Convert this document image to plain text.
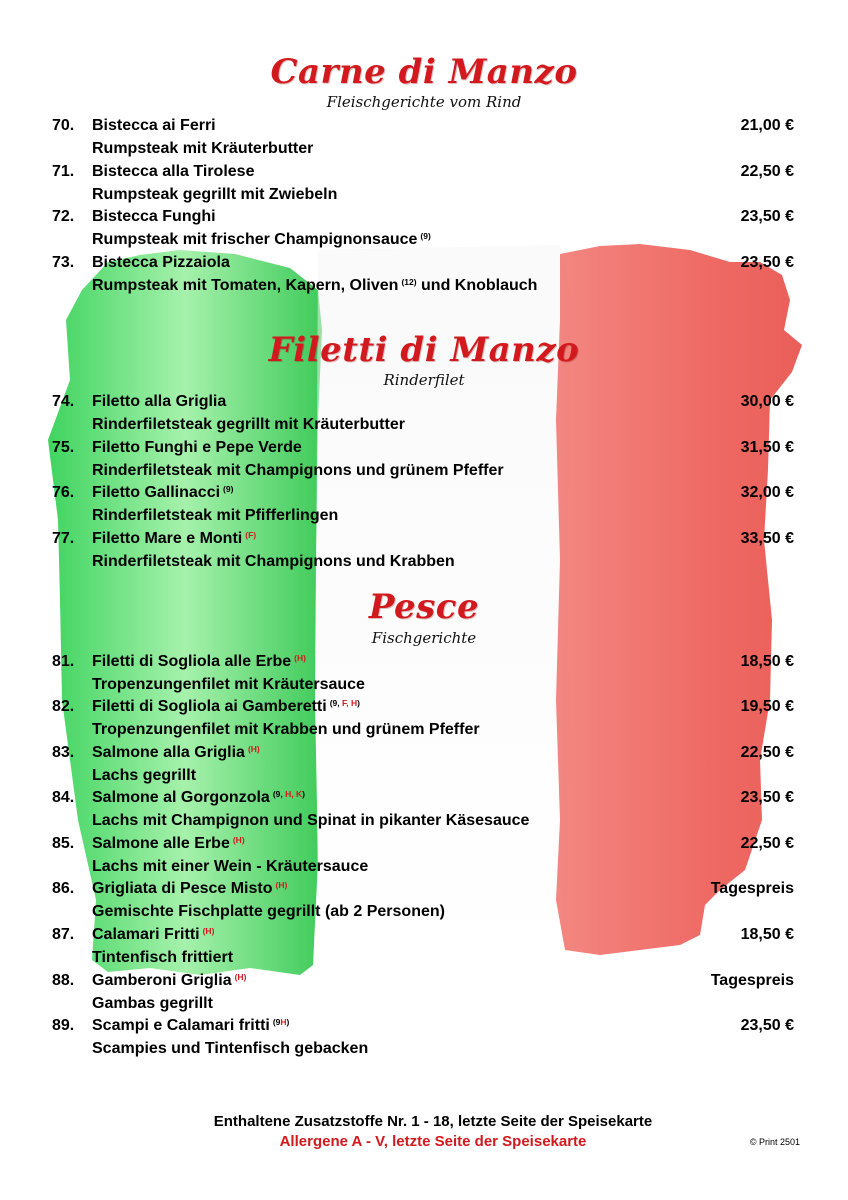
Carne di Manzo
Fleischgerichte vom Rind
70. Bistecca ai Ferri	21,00 €
Rumpsteak mit Kräuterbutter
71. Bistecca alla Tirolese	22,50 €
Rumpsteak gegrillt mit Zwiebeln
72. Bistecca Funghi	23,50 €
Rumpsteak mit frischer Champignonsauce $^{(9)}$
73. Bistecca Pizzaiola	23,50 €
Rumpsteak mit Tomaten, Kapern, Oliven $^{(12)}$ und Knoblauch
Filetti di Manzo
Rinderfilet
74. Filetto alla Griglia	30,00 €
Rinderfiletsteak gegrillt mit Kräuterbutter
75. Filetto Funghi e Pepe Verde	31,50 €
Rinderfiletsteak mit Champignons und grünem Pfeffer
76. Filetto Gallinacci $^{(9)}$	32,00 €
Rinderfiletsteak mit Pfifferlingen
77. Filetto Mare e Monti $^{(F)}$	33,50 €
Rinderfiletsteak mit Champignons und Krabben
Pesce
Fischgerichte
81. Filetti di Sogliola alle Erbe $^{(H)}$	18,50 €
Tropenzungenfilet mit Kräutersauce
82. Filetti di Sogliola ai Gamberetti $^{(9, F, H)}$	19,50 €
Tropenzungenfilet mit Krabben und grünem Pfeffer
83. Salmone alla Griglia $^{(H)}$	22,50 €
Lachs gegrillt
84. Salmone al Gorgonzola $^{(9, H, K)}$	23,50 €
Lachs mit Champignon und Spinat in pikanter Käsesauce
85. Salmone alle Erbe $^{(H)}$	22,50 €
Lachs mit einer Wein - Kräutersauce
86. Grigliata di Pesce Misto $^{(H)}$	Tagespreis
Gemischte Fischplatte gegrillt (ab 2 Personen)
87. Calamari Fritti $^{(H)}$	18,50 €
Tintenfisch frittiert
88. Gamberoni Griglia $^{(H)}$	Tagespreis
Gambas gegrillt
89. Scampi e Calamari fritti $^{(9H)}$	23,50 €
Scampies und Tintenfisch gebacken
Enthaltene Zusatzstoffe Nr. 1 - 18, letzte Seite der Speisekarte
Allergene A - V, letzte Seite der Speisekarte	© Print 2501
